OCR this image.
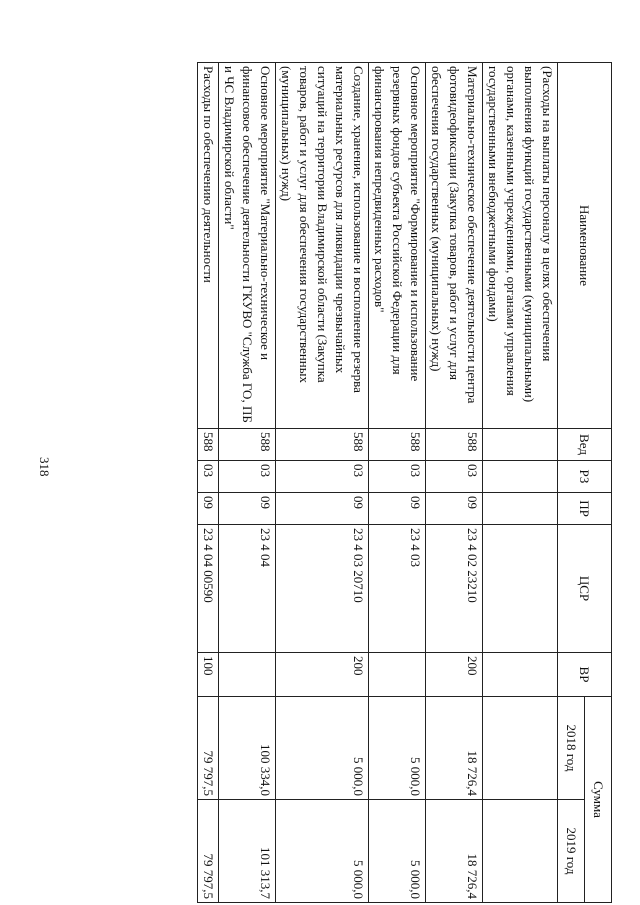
318
Наименование	Вед	РЗ	ПР	ЦСР	ВР	Сумма	
						2018 год	2019 год
(Расходы на выплаты персоналу в целях обеспечения выполнения функций государственными (муниципальными) органами, казенными учреждениями, органами управления государственными внебюджетными фондами)							
Материально-техническое обеспечение деятельности центра фотовидеофиксации (Закупка товаров, работ и услуг для обеспечения государственных (муниципальных) нужд)	588	03	09	23 4 02 23210	200	18 726,4	18 726,4
Основное мероприятие "Формирование и использование резервных фондов субъекта Российской Федерации для финансирования непредвиденных расходов"	588	03	09	23 4 03		5 000,0	5 000,0
Создание, хранение, использование и восполнение резерва материальных ресурсов для ликвидации чрезвычайных ситуаций на территории Владимирской области (Закупка товаров, работ и услуг для обеспечения государственных (муниципальных) нужд)	588	03	09	23 4 03 20710	200	5 000,0	5 000,0
Основное мероприятие "Материально-техническое и финансовое обеспечение деятельности ГКУВО "Служба ГО, ПБ и ЧС Владимирской области"	588	03	09	23 4 04		100 334,0	101 313,7
Расходы по обеспечению деятельности	588	03	09	23 4 04 00590	100	79 797,5	79 797,5
